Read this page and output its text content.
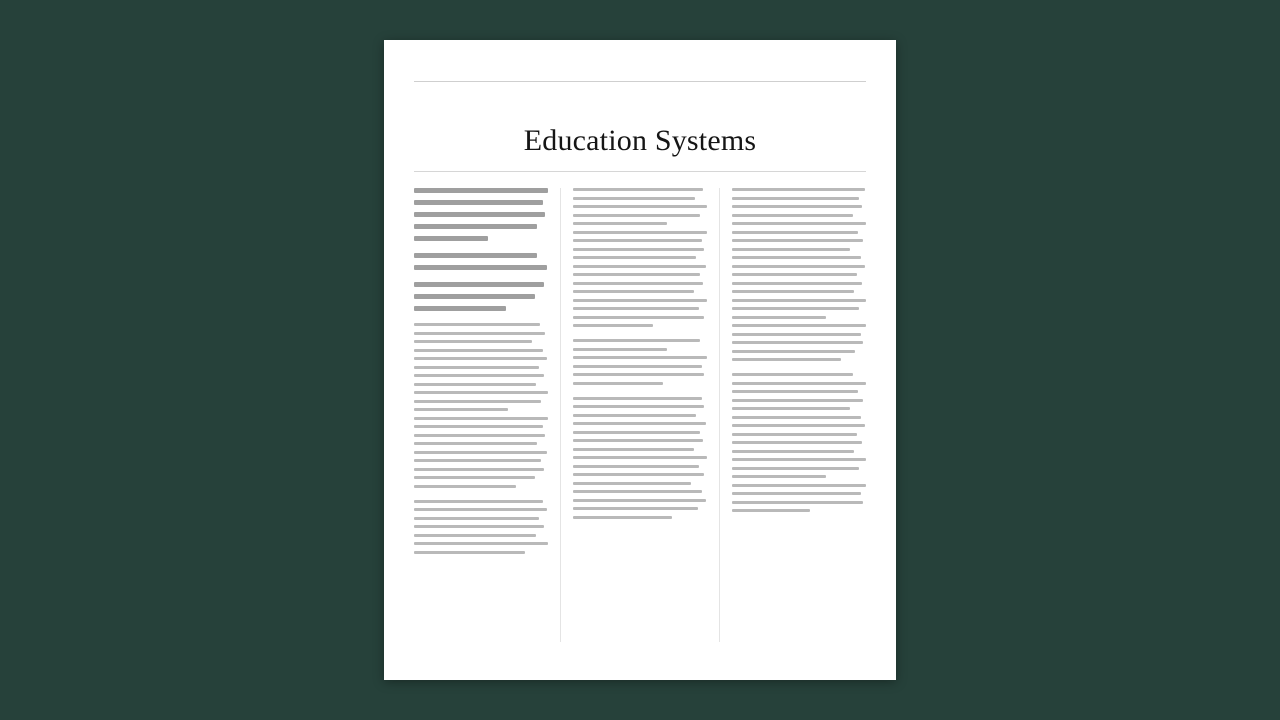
Education Systems
